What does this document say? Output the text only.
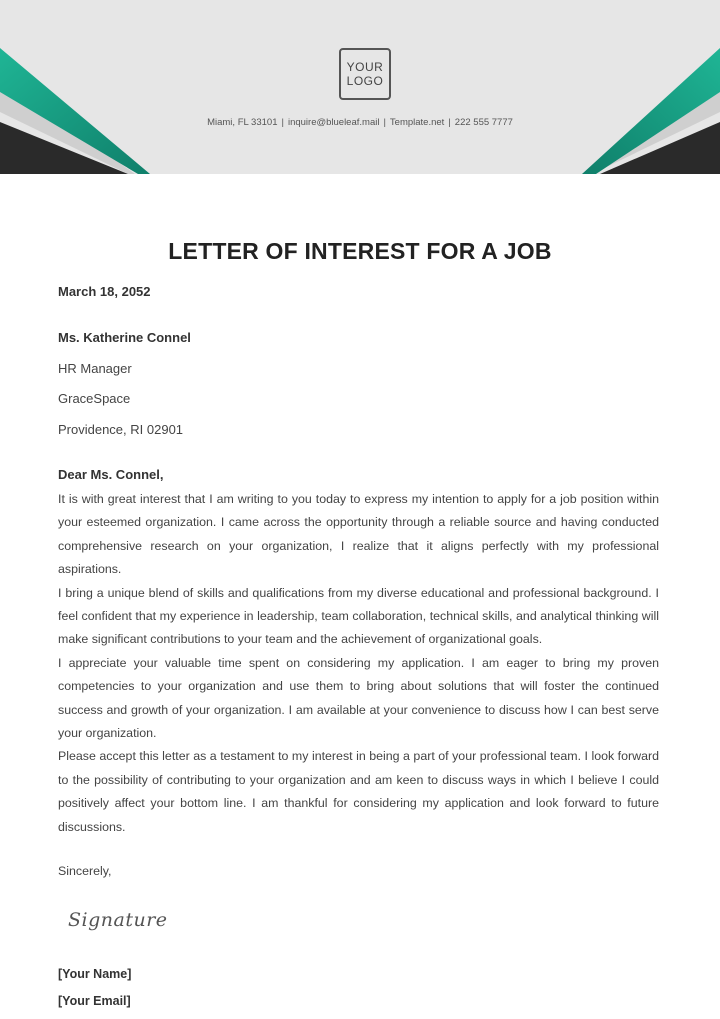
YOUR
LOGO
Miami, FL 33101 | inquire@blueleaf.mail | Template.net | 222 555 7777
LETTER OF INTEREST FOR A JOB
March 18, 2052
Ms. Katherine Connel
HR Manager
GraceSpace
Providence, RI 02901
Dear Ms. Connel,

It is with great interest that I am writing to you today to express my intention to apply for a job position within your esteemed organization. I came across the opportunity through a reliable source and having conducted comprehensive research on your organization, I realize that it aligns perfectly with my professional aspirations.

I bring a unique blend of skills and qualifications from my diverse educational and professional background. I feel confident that my experience in leadership, team collaboration, technical skills, and analytical thinking will make significant contributions to your team and the achievement of organizational goals.

I appreciate your valuable time spent on considering my application. I am eager to bring my proven competencies to your organization and use them to bring about solutions that will foster the continued success and growth of your organization. I am available at your convenience to discuss how I can best serve your organization.

Please accept this letter as a testament to my interest in being a part of your professional team. I look forward to the possibility of contributing to your organization and am keen to discuss ways in which I believe I could positively affect your bottom line. I am thankful for considering my application and look forward to future discussions.

Sincerely,
Signature
[Your Name]
[Your Email]
